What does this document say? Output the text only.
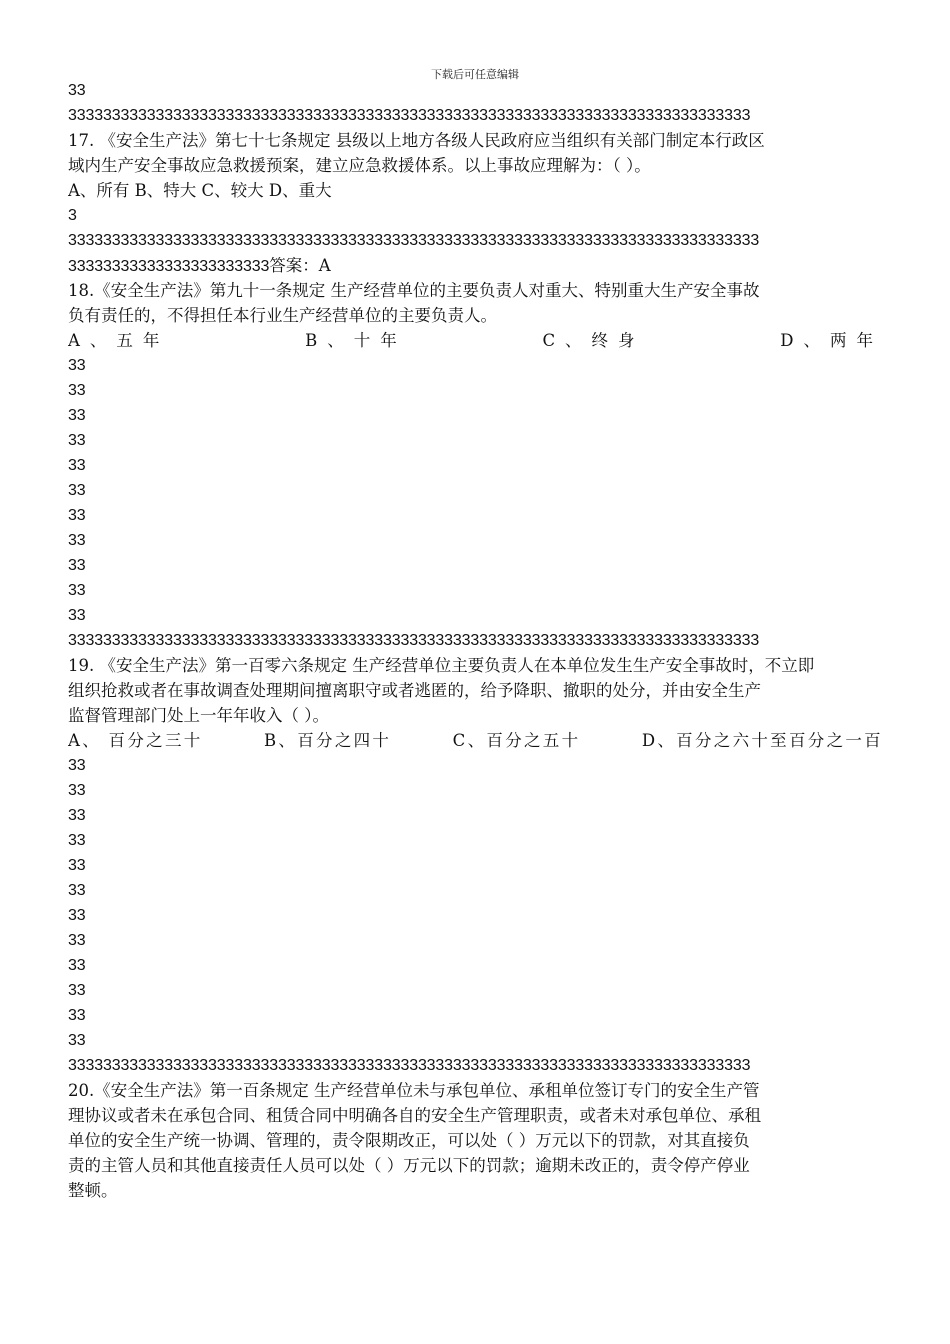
下载后可任意编辑
33
333333333333333333333333333333333333333333333333333333333333333333333333333333
17. 《安全生产法》第七十七条规定 县级以上地方各级人民政府应当组织有关部门制定本行政区
域内生产安全事故应急救援预案，建立应急救援体系。以上事故应理解为：（ ）。
A、所有 B、特大 C、较大 D、重大
3
3333333333333333333333333333333333333333333333333333333333333333333333333333333
33333333333333333333333答案：A
18.《安全生产法》第九十一条规定 生产经营单位的主要负责人对重大、特别重大生产安全事故
负有责任的，不得担任本行业生产经营单位的主要负责人。
A、五年	B、十年	C、终身	D、两年
33
33
33
33
33
33
33
33
33
33
33
3333333333333333333333333333333333333333333333333333333333333333333333333333333
19. 《安全生产法》第一百零六条规定 生产经营单位主要负责人在本单位发生生产安全事故时，不立即
组织抢救或者在事故调查处理期间擅离职守或者逃匿的，给予降职、撤职的处分，并由安全生产
监督管理部门处上一年年收入（ ）。
A、 百分之三十	B、百分之四十	C、百分之五十	D、百分之六十至百分之一百
33
33
33
33
33
33
33
33
33
33
33
33
333333333333333333333333333333333333333333333333333333333333333333333333333333
20.《安全生产法》第一百条规定 生产经营单位未与承包单位、承租单位签订专门的安全生产管
理协议或者未在承包合同、租赁合同中明确各自的安全生产管理职责，或者未对承包单位、承租
单位的安全生产统一协调、管理的，责令限期改正，可以处（ ）万元以下的罚款，对其直接负
责的主管人员和其他直接责任人员可以处（ ）万元以下的罚款；逾期未改正的，责令停产停业
整顿。
